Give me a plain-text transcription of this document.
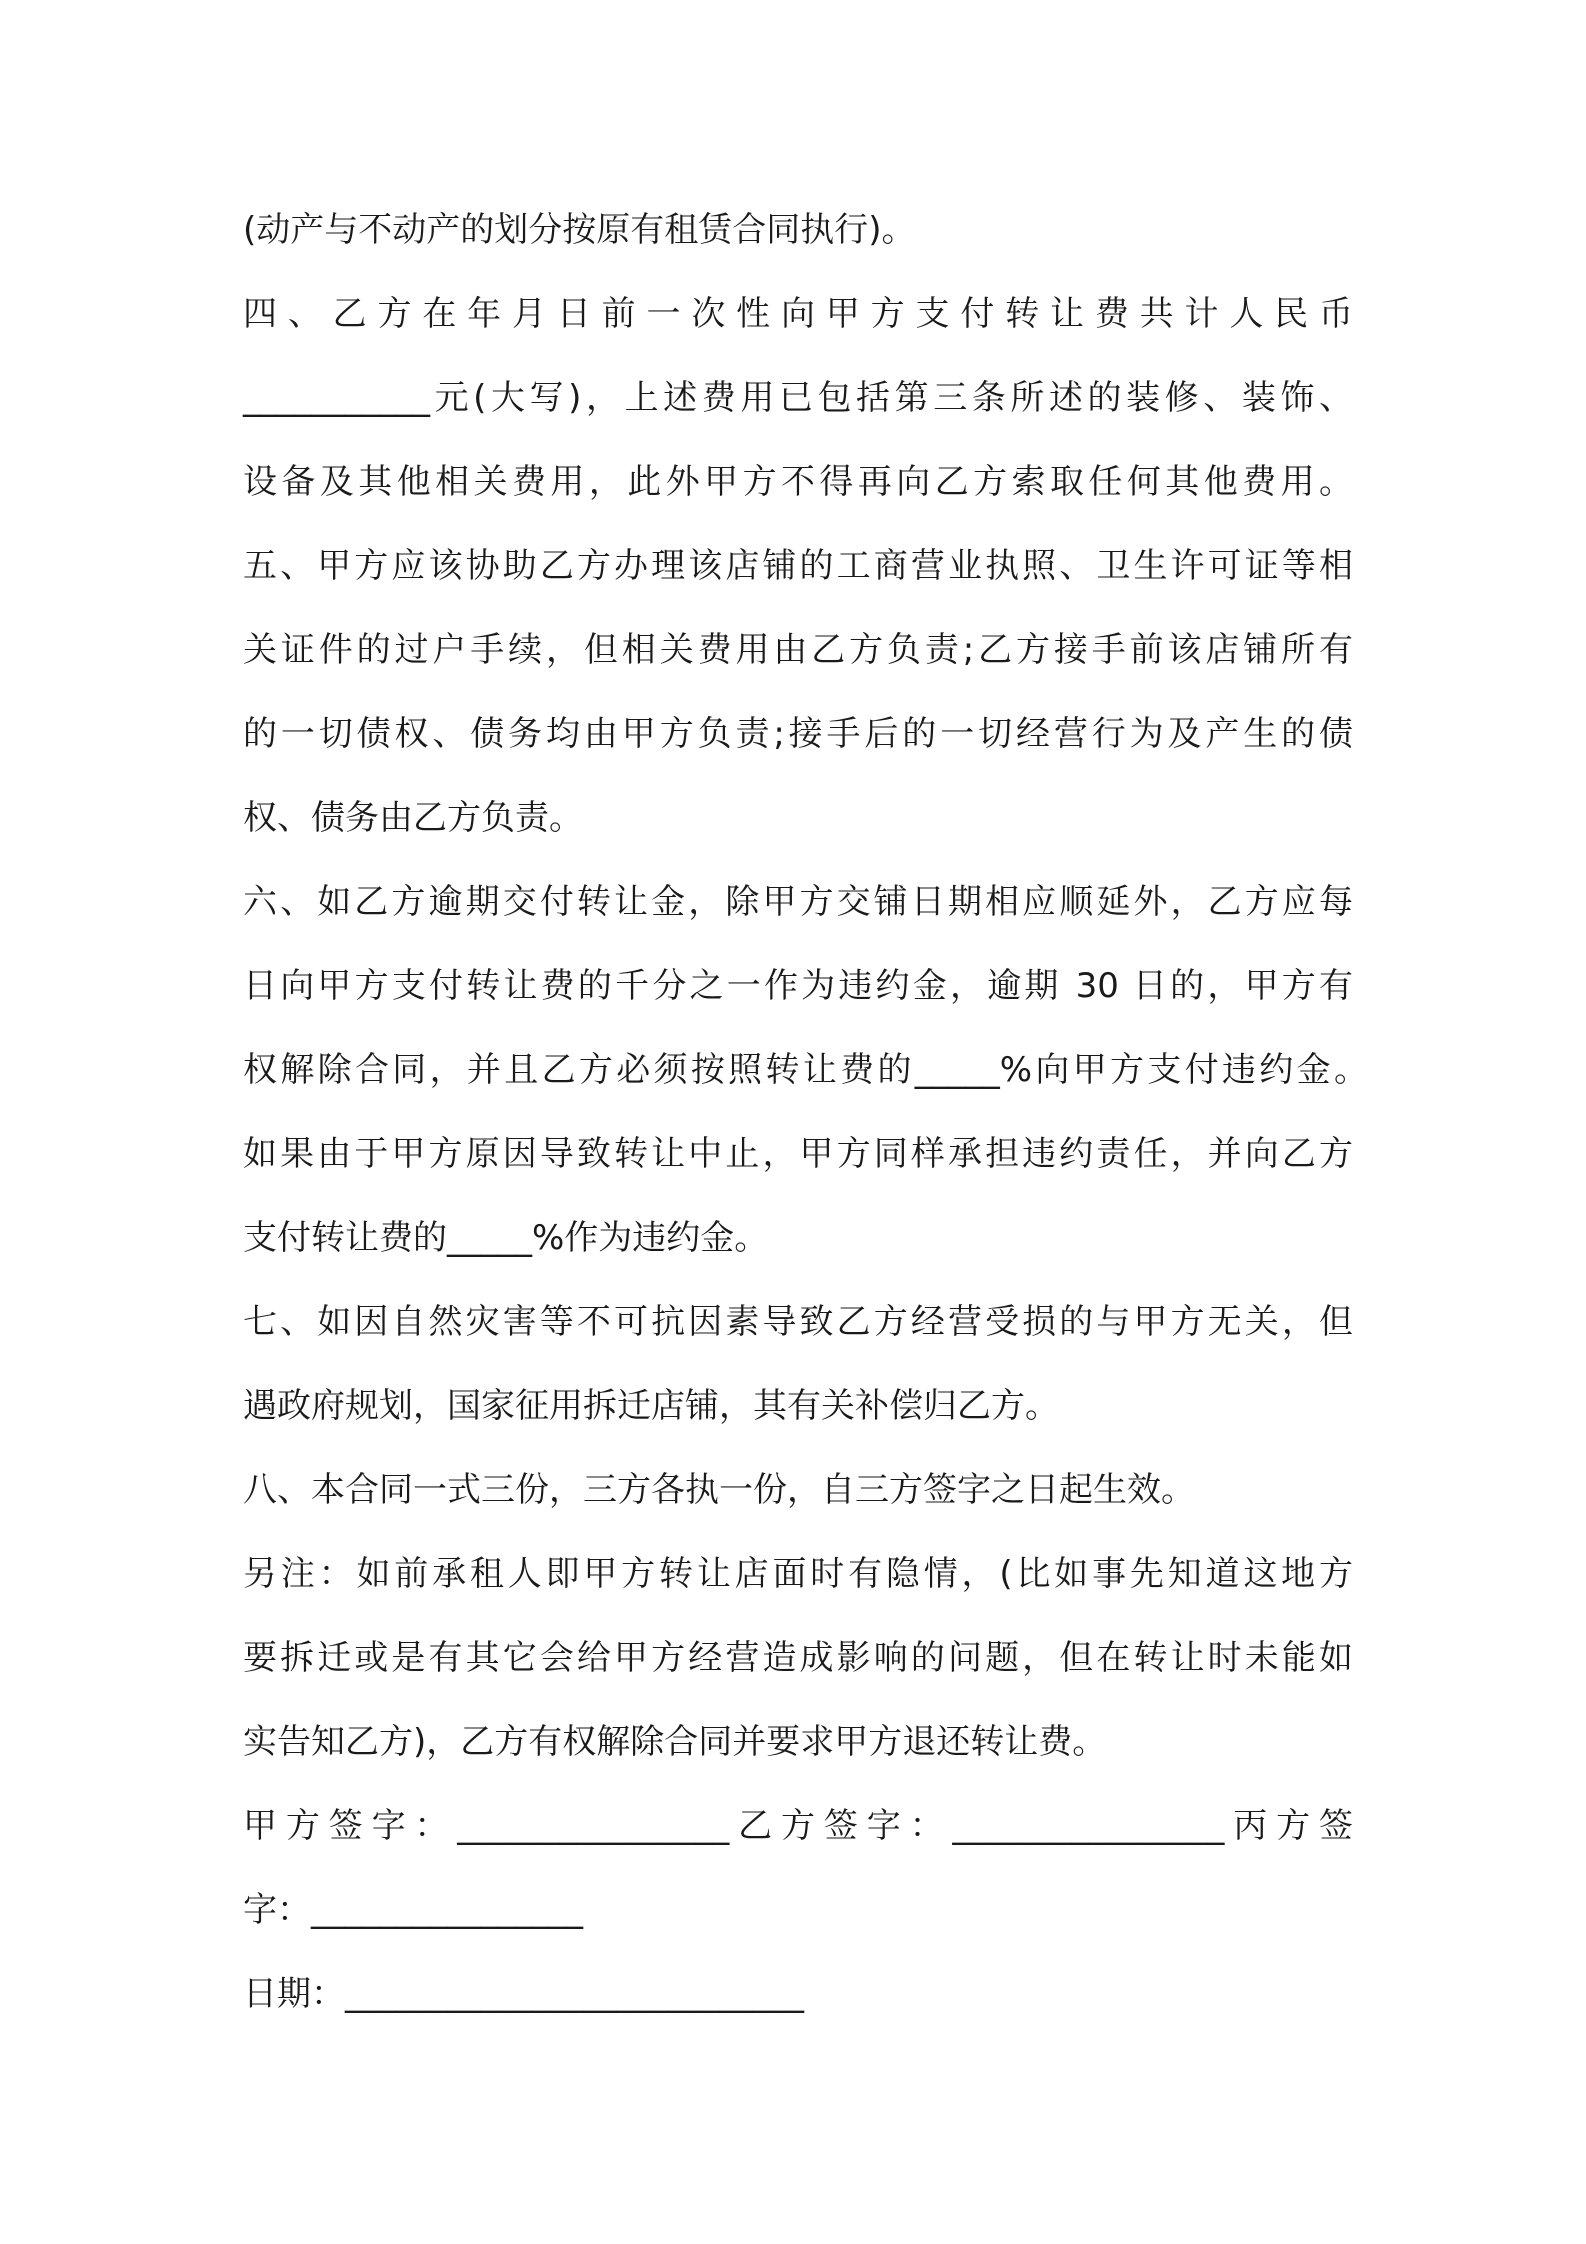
(动产与不动产的划分按原有租赁合同执行)。
四、乙方在年月日前一次性向甲方支付转让费共计人民币
___________元(大写)，上述费用已包括第三条所述的装修、装饰、
设备及其他相关费用，此外甲方不得再向乙方索取任何其他费用。
五、甲方应该协助乙方办理该店铺的工商营业执照、卫生许可证等相
关证件的过户手续，但相关费用由乙方负责;乙方接手前该店铺所有
的一切债权、债务均由甲方负责;接手后的一切经营行为及产生的债
权、债务由乙方负责。
六、如乙方逾期交付转让金，除甲方交铺日期相应顺延外，乙方应每
日向甲方支付转让费的千分之一作为违约金，逾期 30 日的，甲方有
权解除合同，并且乙方必须按照转让费的_____%向甲方支付违约金。
如果由于甲方原因导致转让中止，甲方同样承担违约责任，并向乙方
支付转让费的_____%作为违约金。
七、如因自然灾害等不可抗因素导致乙方经营受损的与甲方无关，但
遇政府规划，国家征用拆迁店铺，其有关补偿归乙方。
八、本合同一式三份，三方各执一份，自三方签字之日起生效。
另注：如前承租人即甲方转让店面时有隐情，(比如事先知道这地方
要拆迁或是有其它会给甲方经营造成影响的问题，但在转让时未能如
实告知乙方)，乙方有权解除合同并要求甲方退还转让费。
甲方签字：________________乙方签字：________________丙方签
字：________________
日期：___________________________
